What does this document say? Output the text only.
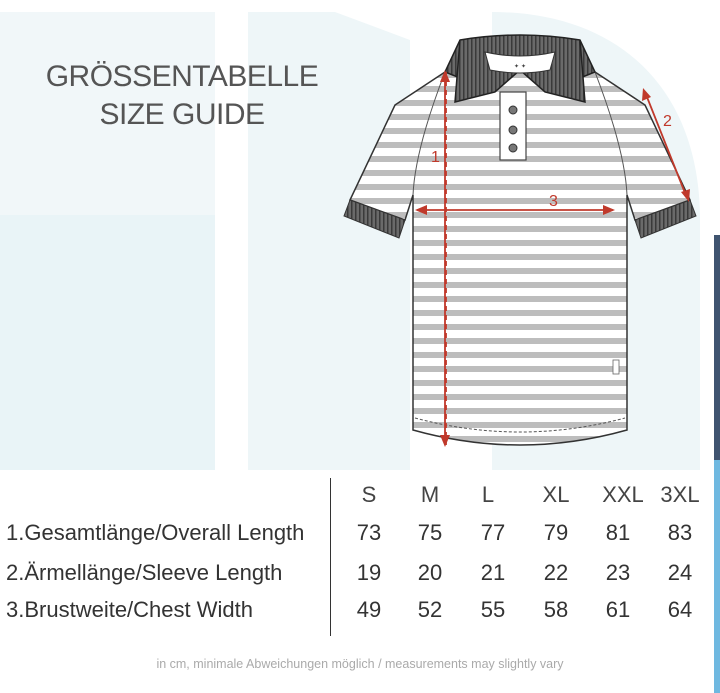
GRÖSSENTABELLE
SIZE GUIDE
✦ ✦
1
2
3
S	M	L	XL	XXL 3XL
1.Gesamtlänge/Overall Length	73	75	77	79	81	83
2.Ärmellänge/Sleeve Length	19	20	21	22	23	24
3.Brustweite/Chest Width	49	52	55	58	61	64
in cm, minimale Abweichungen möglich / measurements may slightly vary
